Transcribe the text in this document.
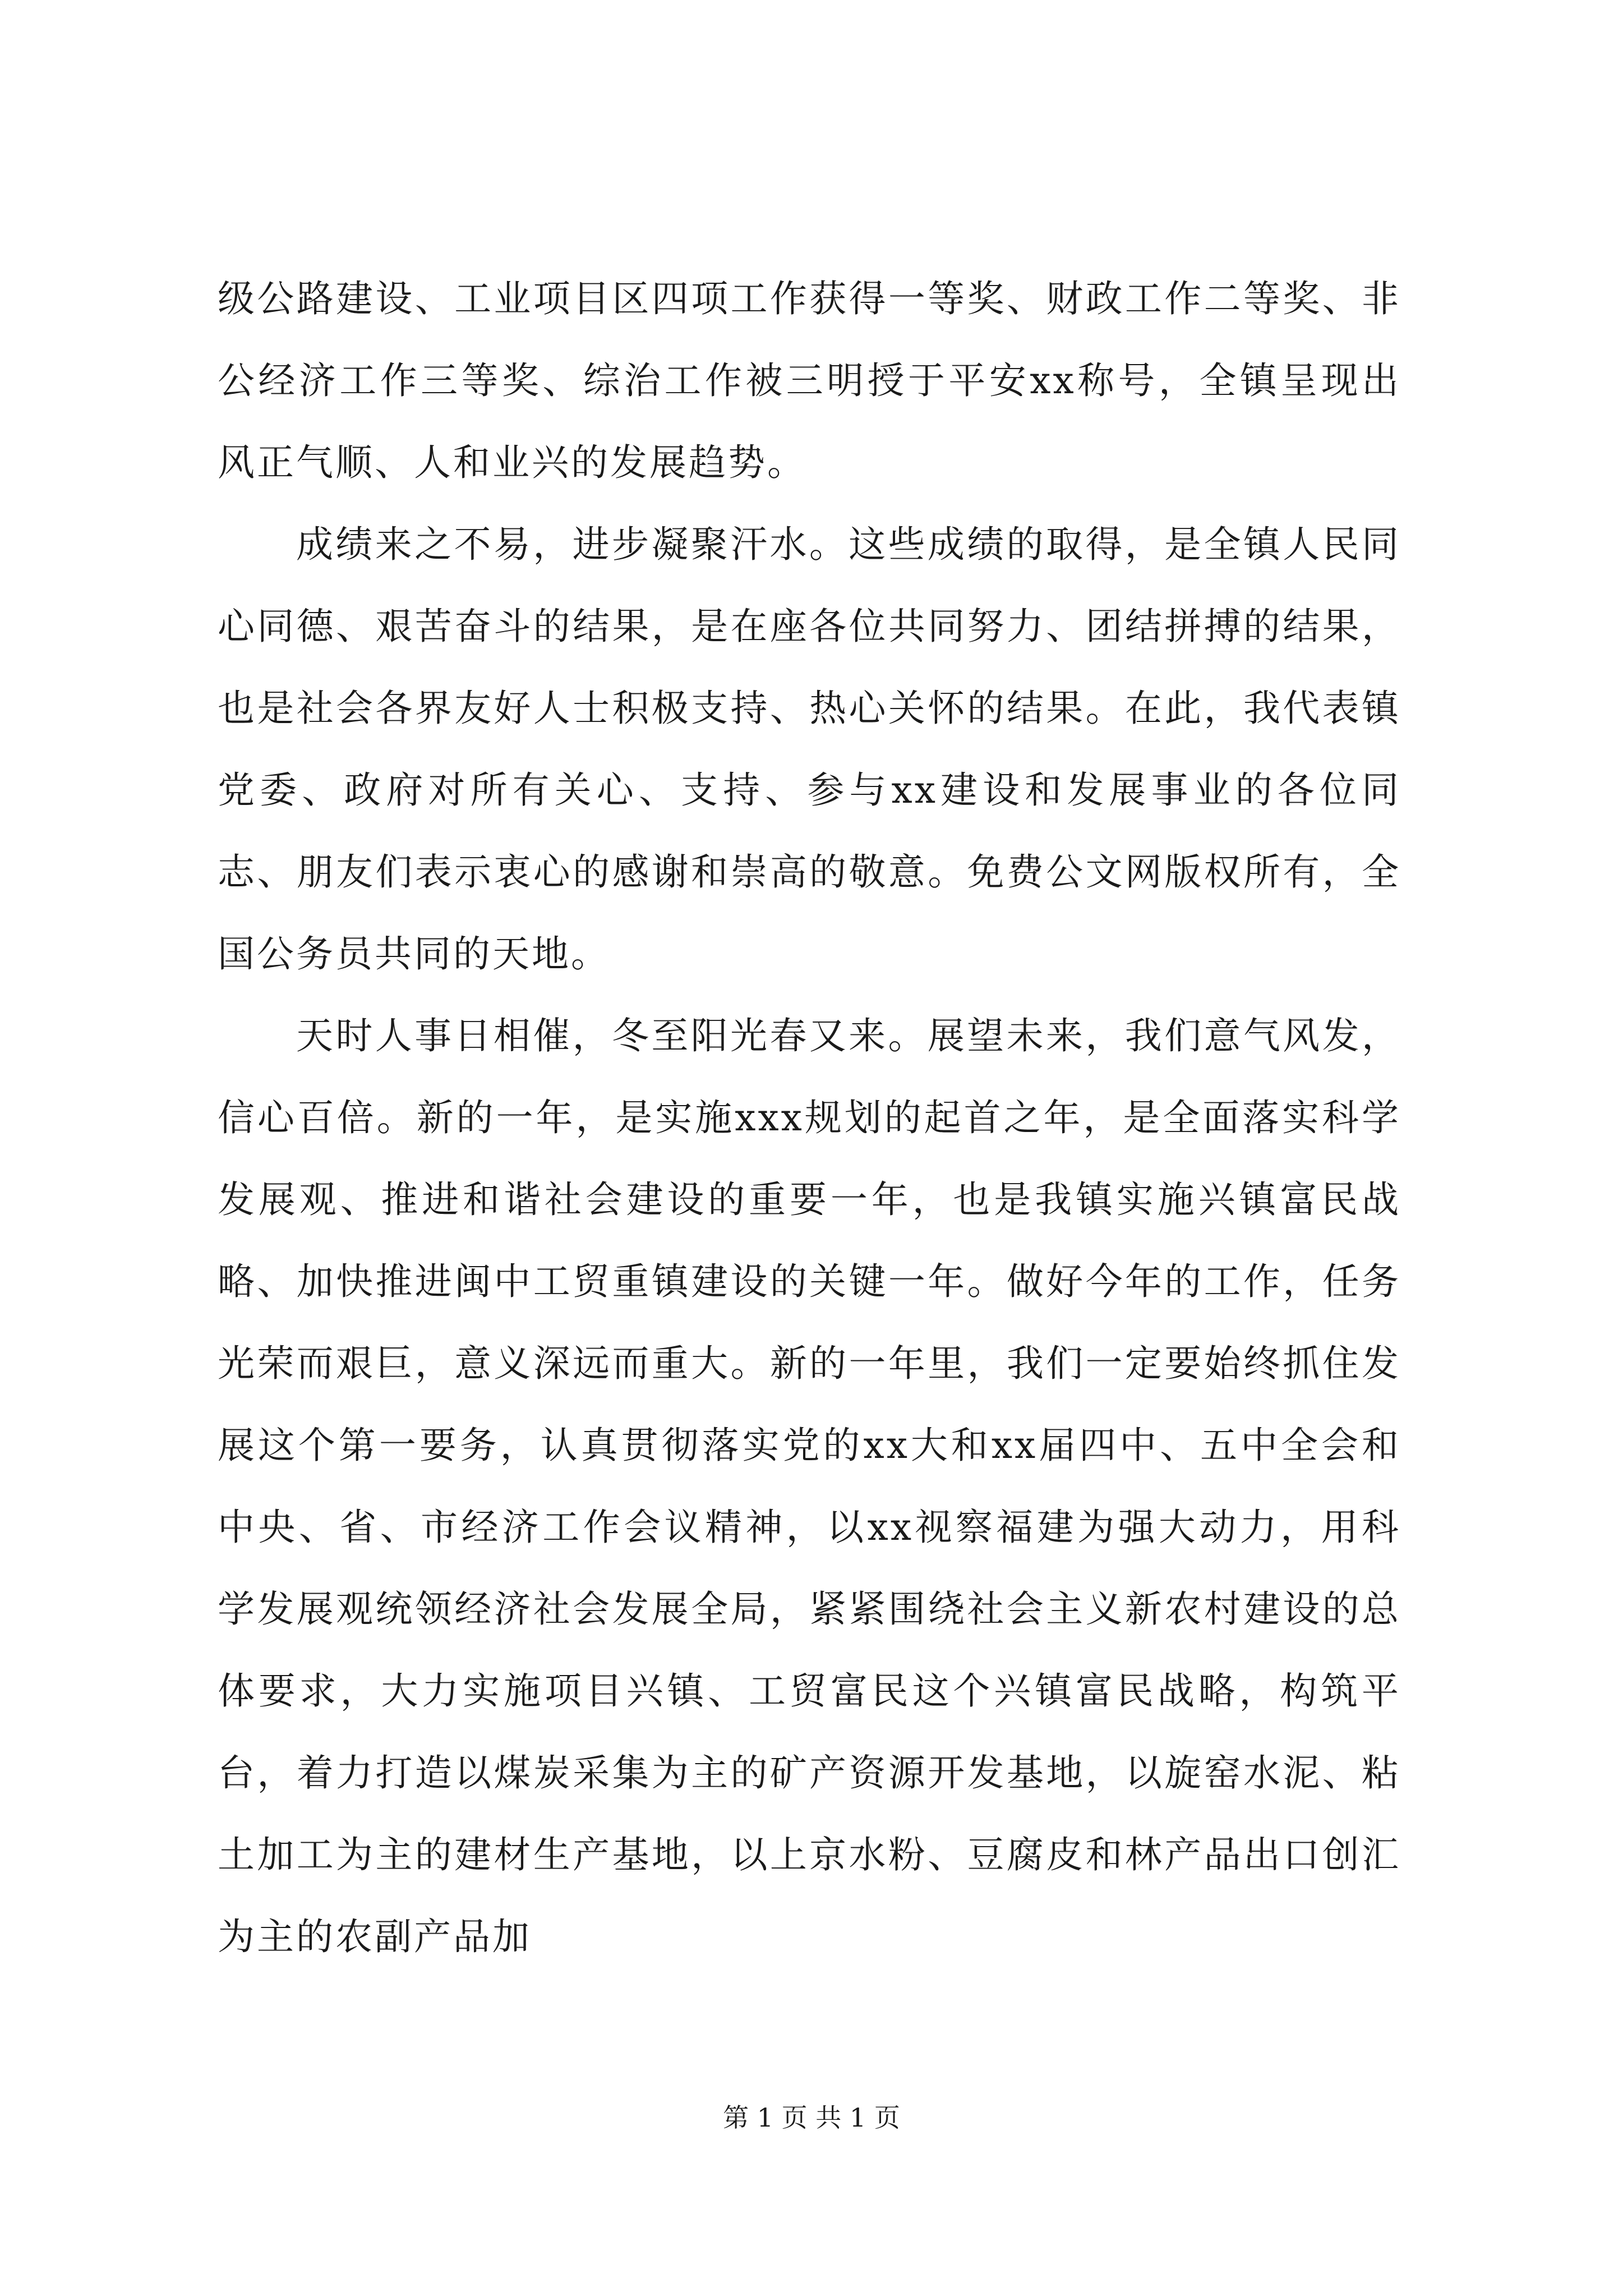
级公路建设、工业项目区四项工作获得一等奖、财政工作二等奖、非公经济工作三等奖、综治工作被三明授于平安xx称号，全镇呈现出风正气顺、人和业兴的发展趋势。

成绩来之不易，进步凝聚汗水。这些成绩的取得，是全镇人民同心同德、艰苦奋斗的结果，是在座各位共同努力、团结拼搏的结果，也是社会各界友好人士积极支持、热心关怀的结果。在此，我代表镇党委、政府对所有关心、支持、参与xx建设和发展事业的各位同志、朋友们表示衷心的感谢和崇高的敬意。免费公文网版权所有，全国公务员共同的天地。

天时人事日相催，冬至阳光春又来。展望未来，我们意气风发，信心百倍。新的一年，是实施xxx规划的起首之年，是全面落实科学发展观、推进和谐社会建设的重要一年，也是我镇实施兴镇富民战略、加快推进闽中工贸重镇建设的关键一年。做好今年的工作，任务光荣而艰巨，意义深远而重大。新的一年里，我们一定要始终抓住发展这个第一要务，认真贯彻落实党的xx大和xx届四中、五中全会和中央、省、市经济工作会议精神，以xx视察福建为强大动力，用科学发展观统领经济社会发展全局，紧紧围绕社会主义新农村建设的总体要求，大力实施项目兴镇、工贸富民这个兴镇富民战略，构筑平台，着力打造以煤炭采集为主的矿产资源开发基地，以旋窑水泥、粘土加工为主的建材生产基地，以上京水粉、豆腐皮和林产品出口创汇为主的农副产品加

第 1 页 共 1 页
